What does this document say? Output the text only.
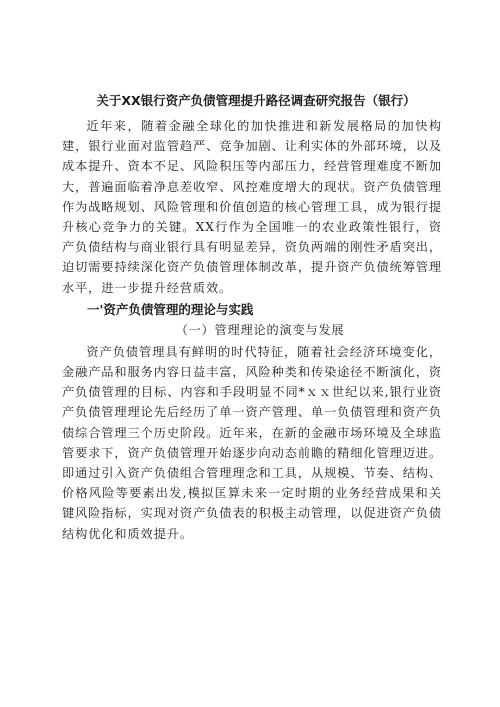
关于XX银行资产负债管理提升路径调查研究报告（银行）

近年来，随着金融全球化的加快推进和新发展格局的加快构建，银行业面对监管趋严、竞争加剧、让利实体的外部环境，以及成本提升、资本不足、风险积压等内部压力，经营管理难度不断加大，普遍面临着净息差收窄、风控难度增大的现状。资产负债管理作为战略规划、风险管理和价值创造的核心管理工具，成为银行提升核心竞争力的关键。XX行作为全国唯一的农业政策性银行，资产负债结构与商业银行具有明显差异，资负两端的刚性矛盾突出，迫切需要持续深化资产负债管理体制改革，提升资产负债统筹管理水平，进一步提升经营质效。

一'资产负债管理的理论与实践
（一）管理理论的演变与发展

资产负债管理具有鲜明的时代特征，随着社会经济环境变化，金融产品和服务内容日益丰富，风险种类和传染途径不断演化，资产负债管理的目标、内容和手段明显不同*ｘｘ世纪以来,银行业资产负债管理理论先后经历了单一资产管理、单一负债管理和资产负债综合管理三个历史阶段。近年来，在新的金融市场环境及全球监管要求下，资产负债管理开始逐步向动态前瞻的精细化管理迈进。即通过引入资产负债组合管理理念和工具，从规模、节奏、结构、价格风险等要素出发,模拟匡算未来一定时期的业务经营成果和关键风险指标，实现对资产负债表的积极主动管理，以促进资产负债结构优化和质效提升。
